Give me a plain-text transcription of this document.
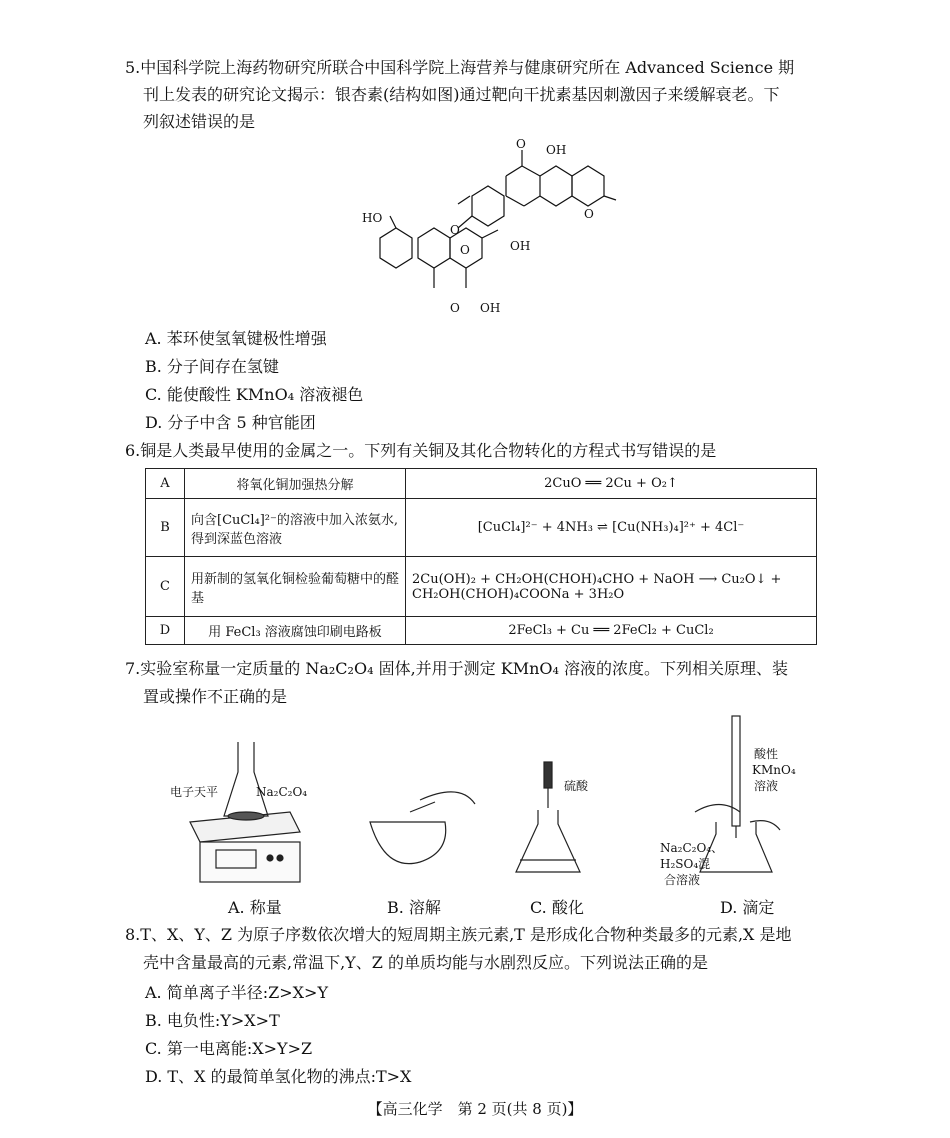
5.中国科学院上海药物研究所联合中国科学院上海营养与健康研究所在 Advanced Science 期
刊上发表的研究论文揭示：银杏素(结构如图)通过靶向干扰素基因刺激因子来缓解衰老。下
列叙述错误的是
OH
O
O
HO
OH
O
OH
O
O
A. 苯环使氢氧键极性增强
B. 分子间存在氢键
C. 能使酸性 KMnO₄ 溶液褪色
D. 分子中含 5 种官能团
6.铜是人类最早使用的金属之一。下列有关铜及其化合物转化的方程式书写错误的是
A	将氧化铜加强热分解	2CuO ══ 2Cu + O₂↑
B	向含[CuCl₄]²⁻的溶液中加入浓氨水,得到深蓝色溶液	[CuCl₄]²⁻ + 4NH₃ ⇌ [Cu(NH₃)₄]²⁺ + 4Cl⁻
C	用新制的氢氧化铜检验葡萄糖中的醛基	2Cu(OH)₂ + CH₂OH(CHOH)₄CHO + NaOH ⟶ Cu₂O↓ + CH₂OH(CHOH)₄COONa + 3H₂O
D	用 FeCl₃ 溶液腐蚀印刷电路板	2FeCl₃ + Cu ══ 2FeCl₂ + CuCl₂
7.实验室称量一定质量的 Na₂C₂O₄ 固体,并用于测定 KMnO₄ 溶液的浓度。下列相关原理、装
置或操作不正确的是
电子天平	Na₂C₂O₄	硫酸
酸性
KMnO₄
溶液
Na₂C₂O₄、
H₂SO₄混
合溶液
A. 称量	B. 溶解	C. 酸化	D. 滴定
8.T、X、Y、Z 为原子序数依次增大的短周期主族元素,T 是形成化合物种类最多的元素,X 是地
壳中含量最高的元素,常温下,Y、Z 的单质均能与水剧烈反应。下列说法正确的是
A. 简单离子半径:Z>X>Y
B. 电负性:Y>X>T
C. 第一电离能:X>Y>Z
D. T、X 的最简单氢化物的沸点:T>X
【高三化学　第 2 页(共 8 页)】
